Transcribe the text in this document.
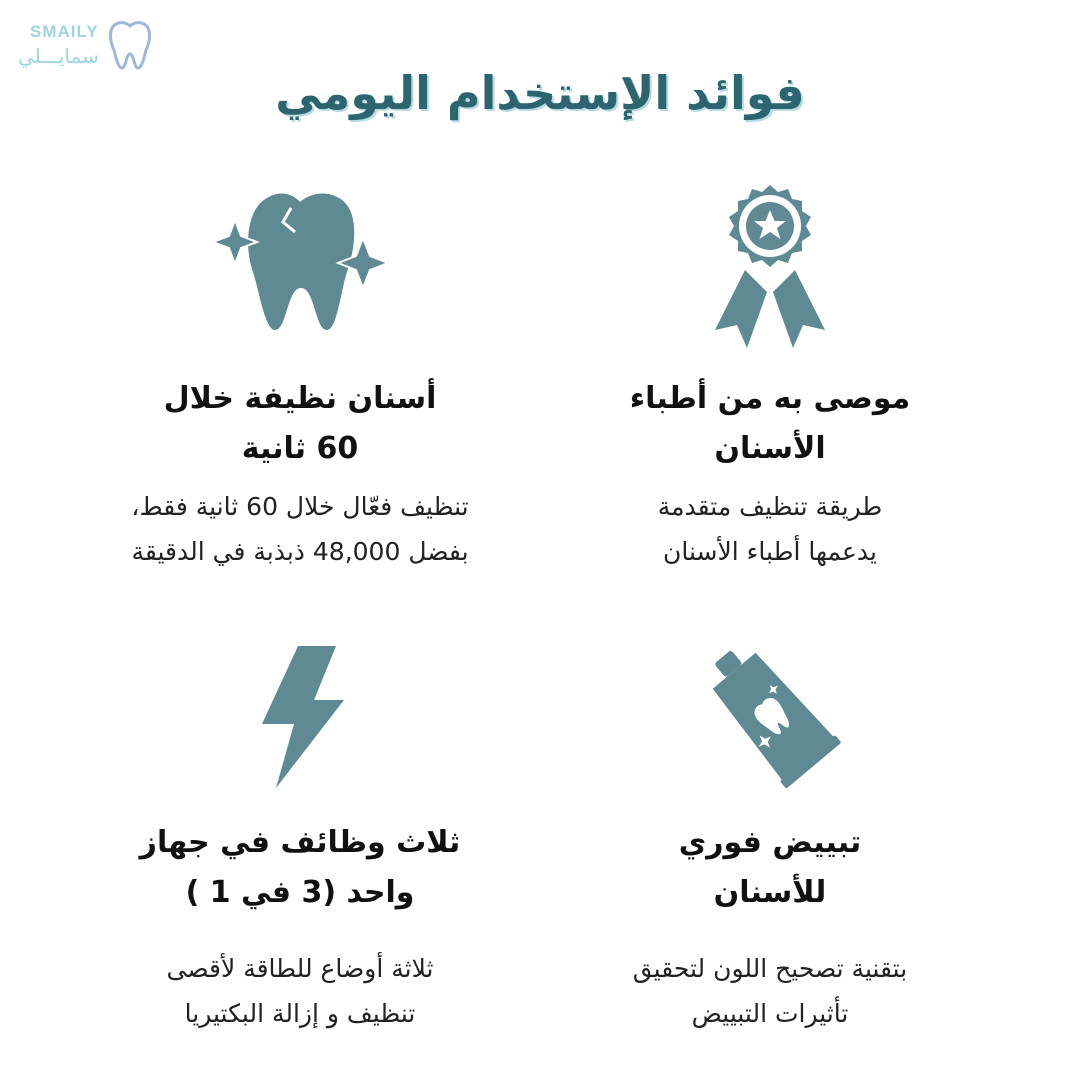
SMAILY
سمايـــلي
فوائد الإستخدام اليومي
موصى به من أطباء
الأسنان

طريقة تنظيف متقدمة
يدعمها أطباء الأسنان

أسنان نظيفة خلال
60 ثانية

تنظيف فعّال خلال 60 ثانية فقط،
بفضل 48,000 ذبذبة في الدقيقة

تبييض فوري
للأسنان

بتقنية تصحيح اللون لتحقيق
تأثيرات التبييض

ثلاث وظائف في جهاز
واحد (3 في 1 )

ثلاثة أوضاع للطاقة لأقصى
تنظيف و إزالة البكتيريا
